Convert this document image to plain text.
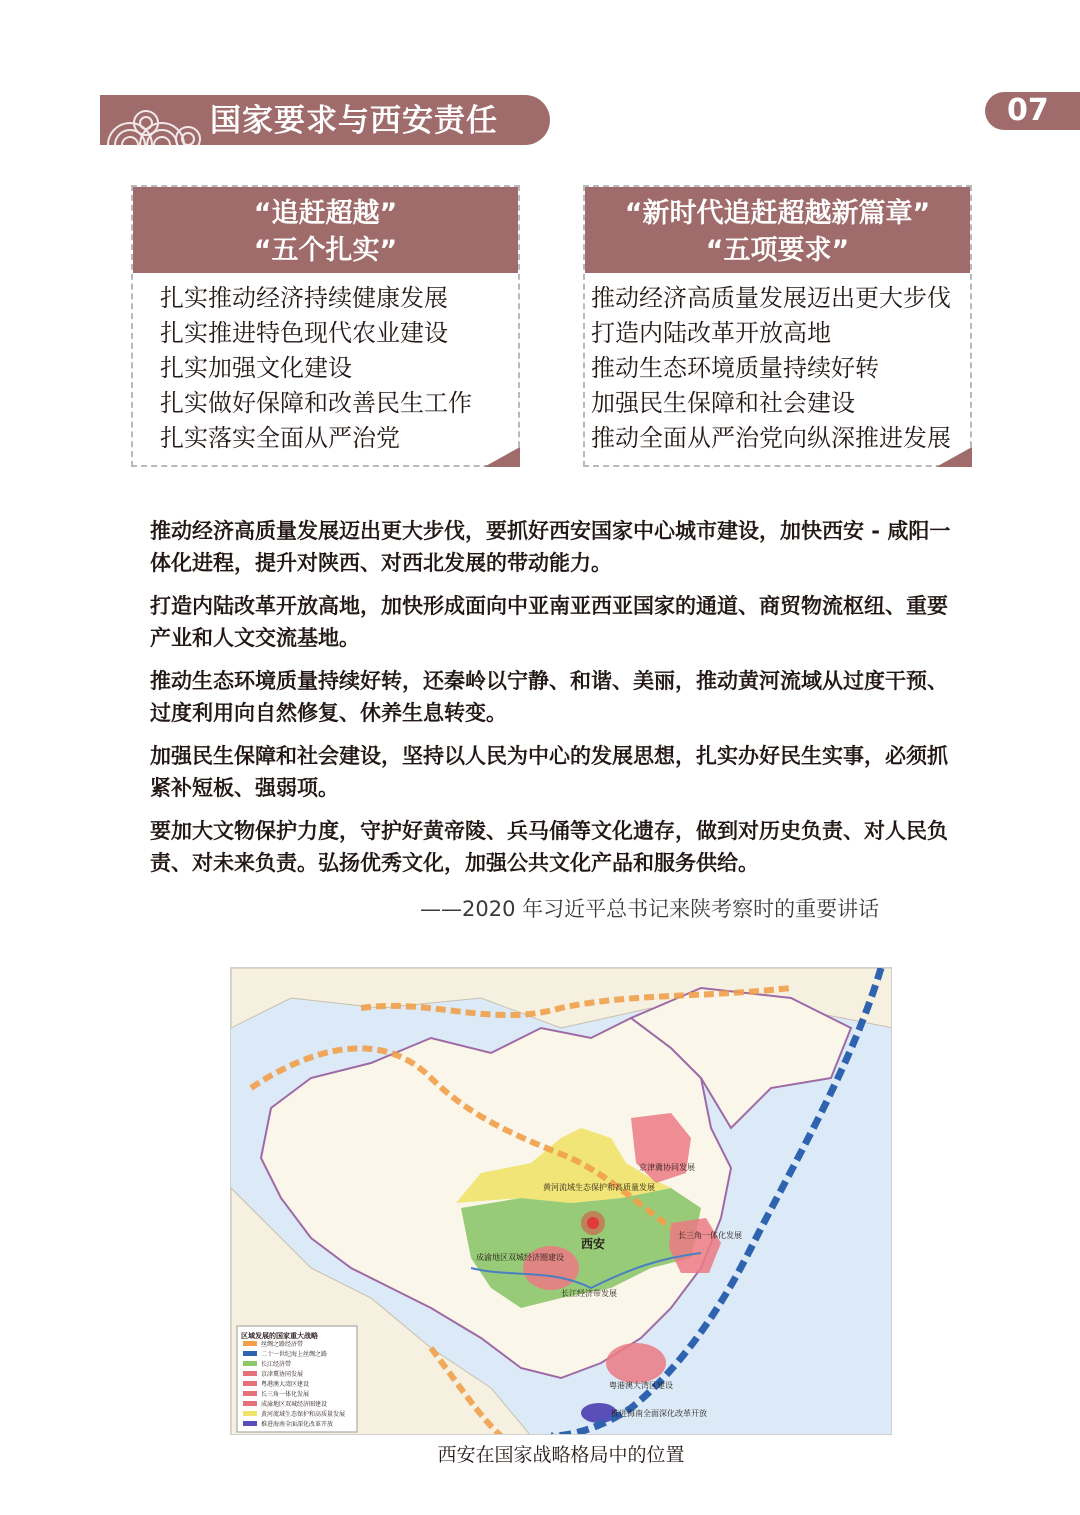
国家要求与西安责任	07
“追赶超越”
“五个扎实”
扎实推动经济持续健康发展
扎实推进特色现代农业建设
扎实加强文化建设
扎实做好保障和改善民生工作
扎实落实全面从严治党
“新时代追赶超越新篇章”
“五项要求”
推动经济高质量发展迈出更大步伐
打造内陆改革开放高地
推动生态环境质量持续好转
加强民生保障和社会建设
推动全面从严治党向纵深推进发展

推动经济高质量发展迈出更大步伐，要抓好西安国家中心城市建设，加快西安 - 咸阳一体化进程，提升对陕西、对西北发展的带动能力。

打造内陆改革开放高地，加快形成面向中亚南亚西亚国家的通道、商贸物流枢纽、重要产业和人文交流基地。

推动生态环境质量持续好转，还秦岭以宁静、和谐、美丽，推动黄河流域从过度干预、过度利用向自然修复、休养生息转变。

加强民生保障和社会建设，坚持以人民为中心的发展思想，扎实办好民生实事，必须抓紧补短板、强弱项。

要加大文物保护力度，守护好黄帝陵、兵马俑等文化遗存，做到对历史负责、对人民负责、对未来负责。弘扬优秀文化，加强公共文化产品和服务供给。

——2020 年习近平总书记来陕考察时的重要讲话
西安
黄河流域生态保护和高质量发展
京津冀协同发展
长三角一体化发展
成渝地区双城经济圈建设
长江经济带发展
粤港澳大湾区建设
推进海南全面深化改革开放
区域发展的国家重大战略
丝绸之路经济带
二十一世纪海上丝绸之路
长江经济带
京津冀协同发展
粤港澳大湾区建设
长三角一体化发展
成渝地区双城经济圈建设
黄河流域生态保护和高质量发展
推进海南全面深化改革开放
西安在国家战略格局中的位置
